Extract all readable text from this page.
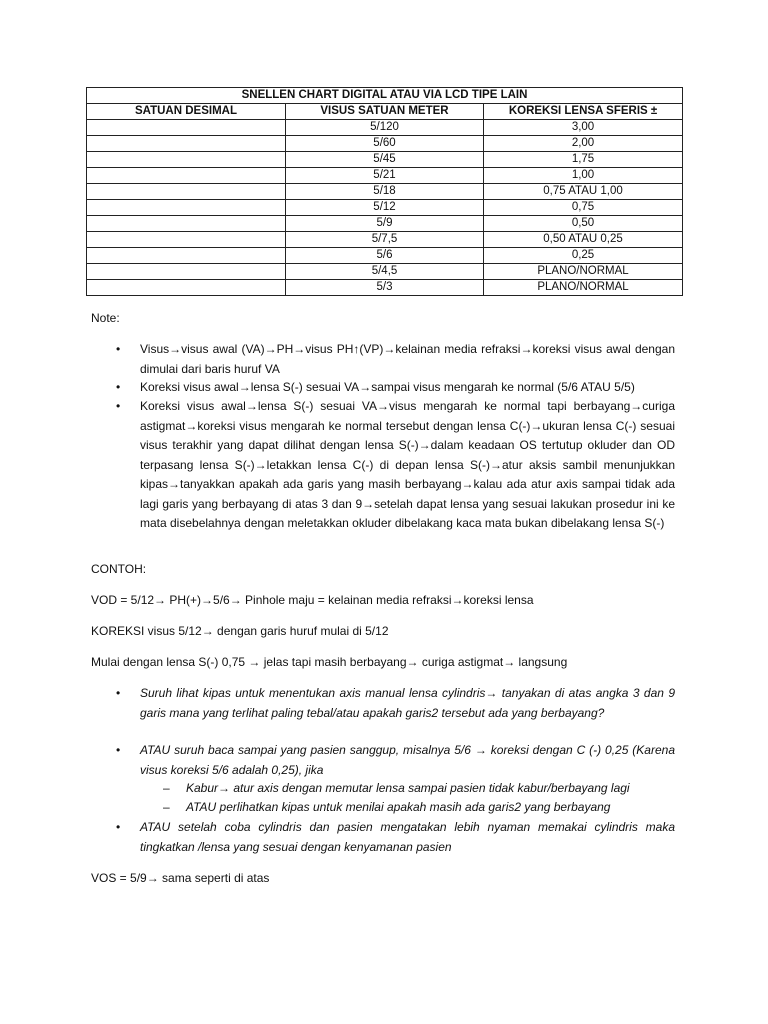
SNELLEN CHART DIGITAL ATAU VIA LCD TIPE LAIN		
SATUAN DESIMAL	VISUS SATUAN METER	KOREKSI LENSA SFERIS ±
	5/120	3,00
	5/60	2,00
	5/45	1,75
	5/21	1,00
	5/18	0,75 ATAU 1,00
	5/12	0,75
	5/9	0,50
	5/7,5	0,50 ATAU 0,25
	5/6	0,25
	5/4,5	PLANO/NORMAL
	5/3	PLANO/NORMAL
Note:
• Visus→visus awal (VA)→PH→visus PH↑(VP)→kelainan media refraksi→koreksi visus awal dengan dimulai dari baris huruf VA
• Koreksi visus awal→lensa S(-) sesuai VA→sampai visus mengarah ke normal (5/6 ATAU 5/5)
• Koreksi visus awal→lensa S(-) sesuai VA→visus mengarah ke normal tapi berbayang→curiga astigmat→koreksi visus mengarah ke normal tersebut dengan lensa C(-)→ukuran lensa C(-) sesuai visus terakhir yang dapat dilihat dengan lensa S(-)→dalam keadaan OS tertutup okluder dan OD terpasang lensa S(-)→letakkan lensa C(-) di depan lensa S(-)→atur aksis sambil menunjukkan kipas→tanyakkan apakah ada garis yang masih berbayang→kalau ada atur axis sampai tidak ada lagi garis yang berbayang di atas 3 dan 9→setelah dapat lensa yang sesuai lakukan prosedur ini ke mata disebelahnya dengan meletakkan okluder dibelakang kaca mata bukan dibelakang lensa S(-)
CONTOH:
VOD = 5/12→ PH(+)→5/6→ Pinhole maju = kelainan media refraksi→koreksi lensa
KOREKSI visus 5/12→ dengan garis huruf mulai di 5/12
Mulai dengan lensa S(-) 0,75 → jelas tapi masih berbayang→ curiga astigmat→ langsung
• Suruh lihat kipas untuk menentukan axis manual lensa cylindris→ tanyakan di atas angka 3 dan 9 garis mana yang terlihat paling tebal/atau apakah garis2 tersebut ada yang berbayang?
• ATAU suruh baca sampai yang pasien sanggup, misalnya 5/6 → koreksi dengan C (-) 0,25 (Karena visus koreksi 5/6 adalah 0,25), jika
– Kabur→ atur axis dengan memutar lensa sampai pasien tidak kabur/berbayang lagi
– ATAU perlihatkan kipas untuk menilai apakah masih ada garis2 yang berbayang
• ATAU setelah coba cylindris dan pasien mengatakan lebih nyaman memakai cylindris maka tingkatkan /lensa yang sesuai dengan kenyamanan pasien
VOS = 5/9→ sama seperti di atas
